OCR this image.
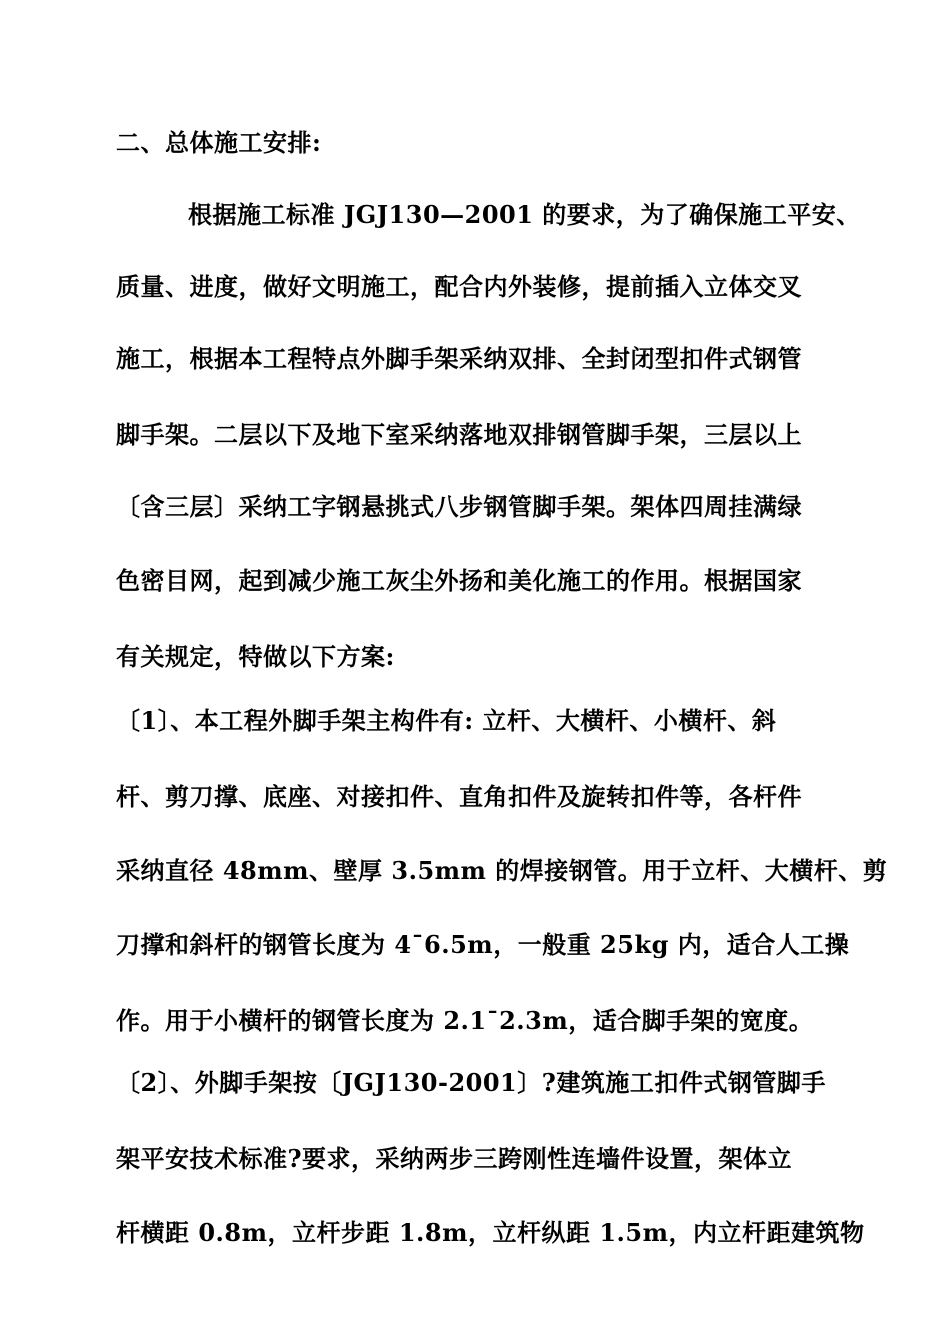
二、总体施工安排:
根据施工标准 JGJ130—2001 的要求，为了确保施工平安、
质量、进度，做好文明施工，配合内外装修，提前插入立体交叉
施工，根据本工程特点外脚手架采纳双排、全封闭型扣件式钢管
脚手架。二层以下及地下室采纳落地双排钢管脚手架，三层以上
〔含三层〕采纳工字钢悬挑式八步钢管脚手架。架体四周挂满绿
色密目网，起到减少施工灰尘外扬和美化施工的作用。根据国家
有关规定，特做以下方案:
〔1〕、本工程外脚手架主构件有: 立杆、大横杆、小横杆、斜
杆、剪刀撑、底座、对接扣件、直角扣件及旋转扣件等，各杆件
采纳直径 48mm、壁厚 3.5mm 的焊接钢管。用于立杆、大横杆、剪
刀撑和斜杆的钢管长度为 4¯6.5m，一般重 25kg 内，适合人工操
作。用于小横杆的钢管长度为 2.1¯2.3m，适合脚手架的宽度。
〔2〕、外脚手架按〔JGJ130-2001〕?建筑施工扣件式钢管脚手
架平安技术标准?要求，采纳两步三跨刚性连墙件设置，架体立
杆横距 0.8m，立杆步距 1.8m，立杆纵距 1.5m，内立杆距建筑物
